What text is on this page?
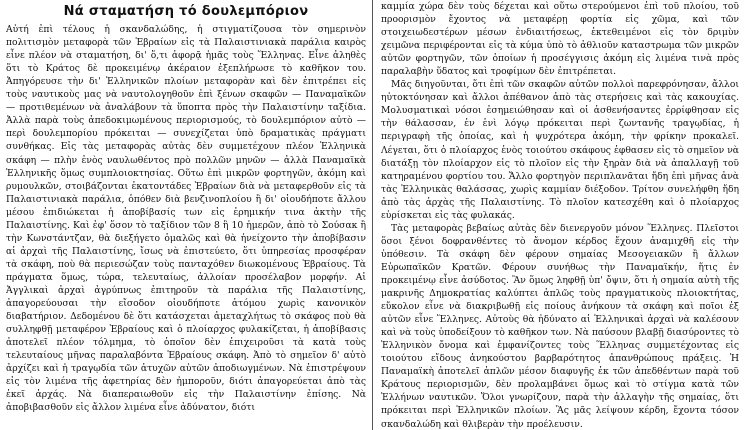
Νά σταματήση τό δουλεμπόριον

Αὐτή ἐπὶ τέλους ἡ σκανδαλώδης, ἡ στιγματίζουσα τὸν σημερινὸν πολιτισμὸν μεταφορὰ τῶν Ἑβραίων εἰς τὰ Παλαιστινιακὰ παράλια καιρὸς εἶνε πλέον νὰ σταματήση, δι' ὅ,τι ἀφορᾷ ἡμᾶς τοὺς Ἕλληνας. Εἶνε ἀληθὲς ὅτι τὸ Κράτος δὲ προκειμένῳ ἀκέραιον ἐξεπλήρωσε τὸ καθῆκον του. Ἀπηγόρευσε τὴν δι' Ἑλληνικῶν πλοίων μεταφορὰν καὶ δὲν ἐπιτρέπει εἰς τοὺς ναυτικοὺς μας νὰ ναυτολογηθοῦν ἐπὶ ξένων σκαφῶν — Παναμαϊκῶν — προτιθεμένων νὰ ἀναλάβουν τὰ ὕποπτα πρὸς τὴν Παλαιστίνην ταξίδια. Ἀλλὰ παρὰ τοὺς ἀπεδοκιμωμένους περιορισμούς, τὸ δουλεμπόριον αὐτὸ — περὶ δουλεμπορίου πρόκειται — συνεχίζεται ὑπὸ δραματικὰς πράγματι συνθήκας. Εἰς τὰς μεταφορὰς αὐτὰς δὲν συμμετέχουν πλέον Ἑλληνικὰ σκάφη — πλὴν ἐνὸς ναυλωθέντος πρὸ πολλῶν μηνῶν — ἀλλὰ Παναμαϊκὰ Ἑλληνικῆς ὅμως συμπλοιοκτησίας. Οὕτω ἐπὶ μικρῶν φορτηγῶν, ἀκόμη καὶ ρυμουλκῶν, στοιβάζονται ἑκατοντάδες Ἑβραίων διὰ νὰ μεταφερθοῦν εἰς τὰ Παλαιστινιακὰ παράλια, ὁπόθεν διὰ βενζινοπλοίου ἢ δι' οἱουδήποτε ἄλλου μέσου ἐπιδιώκεται ἡ ἀποβίβασίς των εἰς ἐρημικήν τινα ἀκτὴν τῆς Παλαιστίνης. Καὶ ἐφ' ὅσον τὸ ταξίδιον τῶν 8 ἢ 10 ἡμερῶν, ἀπὸ τὸ Σούσακ ἢ τὴν Κωνστάντζαν, θὰ διεξήγετο ὁμαλῶς καὶ θὰ ἠνείχοντο τὴν ἀποβίβασιν αἱ ἀρχαὶ τῆς Παλαιστίνης, ἴσως νὰ ἐπιστεύετο, ὅτι ὑπηρεσίας προσφέραν τὰ σκάφη, ποὺ θὰ περιεσώζαν τοὺς πανταχόθεν διωκομένους Ἑβραίους. Τὰ πράγματα ὅμως, τώρα, τελευταίως, ἀλλοίαν προσέλαβον μορφήν. Αἱ Ἀγγλικαὶ ἀρχαὶ ἀγρύπνως ἐπιτηροῦν τὰ παράλια τῆς Παλαιστίνης, ἀπαγορεύουσαι τὴν εἴσοδον οἱουδήποτε ἀτόμου χωρὶς κανονικὸν διαβατήριον. Δεδομένου δὲ ὅτι κατάσχεται ἀμεταχλήτως τὸ σκάφος ποὺ θὰ συλληφθῇ μεταφέρον Ἑβραίους καὶ ὁ πλοίαρχος φυλακίζεται, ἡ ἀποβίβασις ἀποτελεῖ πλέον τόλμημα, τὸ ὁποῖον δὲν ἐπιχειροῦσι τὰ κατὰ τοὺς τελευταίους μῆνας παραλαβόντα Ἑβραίους σκάφη. Ἀπὸ τὸ σημεῖον δ' αὐτὸ ἀρχίζει καὶ ἡ τραγῳδία τῶν ἀτυχῶν αὐτῶν ἀποδιωγμένων. Νὰ ἐπιστρέψουν εἰς τὸν λιμένα τῆς ἀφετηρίας δὲν ἠμποροῦν, διότι ἀπαγορεύεται ἀπὸ τὰς ἐκεῖ ἀρχάς. Νὰ διαπεραιωθοῦν εἰς τὴν Παλαιστίνην ἐπίσης. Νὰ ἀποβιβασθοῦν εἰς ἄλλον λιμένα εἶνε ἀδύνατον, διότι

καμμία χώρα δὲν τοὺς δέχεται καὶ οὕτω στερούμενοι ἐπὶ τοῦ πλοίου, τοῦ προορισμὸν ἔχοντος νὰ μεταφέρῃ φορτία εἰς χῶμα, καὶ τῶν στοιχειωδεστέρων μέσων ἐνδιαιτήσεως, ἐκτεθειμένοι εἰς τὸν δριμὺν χειμῶνα περιφέρονται εἰς τὰ κύμα ὑπὸ τὸ ἀθλιοῦν καταστρωμα τῶν μικρῶν αὐτῶν φορτηγῶν, τῶν ὁποίων ἡ προσέγγισις ἀκόμη εἰς λιμένα τινὰ πρὸς παραλαβὴν ὕδατος καὶ τροφίμων δὲν ἐπιτρέπεται.

Μᾶς διηγοῦνται, ὅτι ἐπὶ τῶν σκαφῶν αὐτῶν πολλοὶ παρεφρόνησαν, ἄλλοι ηὐτοκτόνησαν καὶ ἄλλοι ἀπέθανον ἀπὸ τὰς στερήσεις καὶ τὰς κακουχίας. Μολυσματικαὶ νόσοι ἐσημειώθησαν καὶ οἱ ἀσθενήσαντες ἐρρίφθησαν εἰς τὴν θάλασσαν, ἐν ἑνὶ λόγῳ πρόκειται περὶ ζωντανῆς τραγῳδίας, ἡ περιγραφὴ τῆς ὁποίας, καὶ ἡ ψυχρότερα ἀκόμη, τὴν φρίκην προκαλεῖ. Λέγεται, ὅτι ὁ πλοίαρχος ἑνὸς τοιούτου σκάφους ἐφθασεν εἰς τὸ σημεῖον νὰ διατάξῃ τὸν πλοίαρχον εἰς τὸ πλοῖον εἰς τὴν ξηρὰν διὰ νὰ ἀπαλλαγῇ τοῦ κατηραμένου φορτίου του. Ἄλλο φορτηγὸν περιπλανᾶται ἤδη ἐπὶ μῆνας ἀνὰ τὰς Ἑλληνικὰς θαλάσσας, χωρὶς καμμίαν διέξοδον. Τρίτον συνελήφθη ἤδη ἀπὸ τὰς ἀρχὰς τῆς Παλαιστίνης. Τὸ πλοῖον κατεσχέθη καὶ ὁ πλοίαρχος εὑρίσκεται εἰς τὰς φυλακάς.

Τὰς μεταφορὰς βεβαίως αὐτὰς δὲν διενεργοῦν μόνον Ἕλληνες. Πλεῖστοι ὅσοι ξένοι δοφρανθέντες τὸ ἄνομον κέρδος ἔχουν ἀναμιχθῆ εἰς τὴν ὑπόθεσιν. Τὰ σκάφη δὲν φέρουν σημαίας Μεσογειακῶν ἢ ἄλλων Εὐρωπαϊκῶν Κρατῶν. Φέρουν συνήθως τὴν Παναμαϊκήν, ἥτις ἐν προκειμένῳ εἶνε ἀσύδοτος. Ἂν ὅμως ληφθῇ ὑπ' ὄψιν, ὅτι ἡ σημαία αὐτὴ τῆς μακρινῆς Δημοκρατίας καλύπτει ἁπλῶς τοὺς πραγματικοὺς πλοιοκτήτας, εὔκολον εἶνε νὰ διακριβωθῇ εἰς ποίους ἀνήκουν τὰ σκάφη καὶ ποῖοι ἐξ αὐτῶν εἶνε Ἕλληνες. Αὐτοὺς θὰ ἠδύνατο αἱ Ἑλληνικαὶ ἀρχαὶ νὰ καλέσουν καὶ νὰ τοὺς ὑποδείξουν τὸ καθῆκον των. Νὰ παύσουν βλαβῇ διασύροντες τὸ Ἑλληνικὸν ὄνομα καὶ ἐμφανίζοντες τοὺς Ἕλληνας συμμετέχοντας εἰς τοιούτου εἴδους ἀνηκούστου βαρβαρότητος ἀπανθρώπους πράξεις. Ἡ Παναμαϊκὴ ἀποτελεῖ ἀπλῶν μέσον διαφυγῆς ἐκ τῶν ἀπεδθέντων παρὰ τοῦ Κράτους περιορισμῶν, δὲν προλαμβάνει ὅμως καὶ τὸ στίγμα κατὰ τῶν Ἑλλήνων ναυτικῶν. Ὅλοι γνωρίζουν, παρὰ τὴν ἀλλαγὴν τῆς σημαίας, ὅτι πρόκειται περὶ Ἑλληνικῶν πλοίων. Ἂς μᾶς λείψουν κέρδη, ἔχοντα τόσον σκανδαλώδη καὶ θλιβερὰν τὴν προέλευσιν.
